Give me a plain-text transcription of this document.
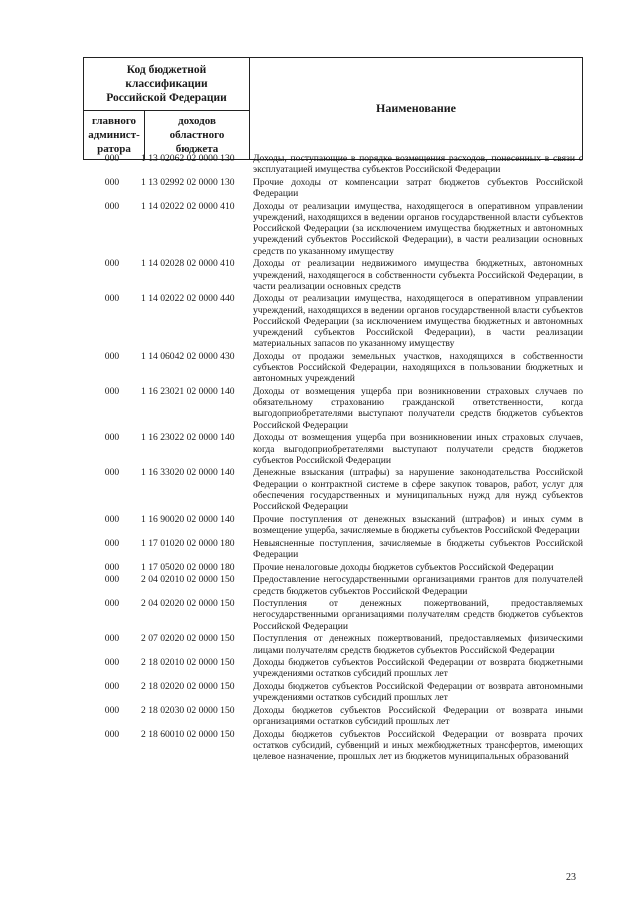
Код бюджетной
классификации
Российской Федерации
главного
админист-
ратора
доходов
областного
бюджета
Наименование
000	1 13 02062 02 0000 130	Доходы, поступающие в порядке возмещения расходов, понесенных в связи с эксплуатацией имущества субъектов Российской Федерации
000	1 13 02992 02 0000 130	Прочие доходы от компенсации затрат бюджетов субъектов Российской Федерации
000	1 14 02022 02 0000 410	Доходы от реализации имущества, находящегося в оперативном управлении учреждений, находящихся в ведении органов государственной власти субъектов Российской Федерации (за исключением имущества бюджетных и автономных учреждений субъектов Российской Федерации), в части реализации основных средств по указанному имуществу
000	1 14 02028 02 0000 410	Доходы от реализации недвижимого имущества бюджетных, автономных учреждений, находящегося в собственности субъекта Российской Федерации, в части реализации основных средств
000	1 14 02022 02 0000 440	Доходы от реализации имущества, находящегося в оперативном управлении учреждений, находящихся в ведении органов государственной власти субъектов Российской Федерации (за исключением имущества бюджетных и автономных учреждений субъектов Российской Федерации), в части реализации материальных запасов по указанному имуществу
000	1 14 06042 02 0000 430	Доходы от продажи земельных участков, находящихся в собственности субъектов Российской Федерации, находящихся в пользовании бюджетных и автономных учреждений
000	1 16 23021 02 0000 140	Доходы от возмещения ущерба при возникновении страховых случаев по обязательному страхованию гражданской ответственности, когда выгодоприобретателями выступают получатели средств бюджетов субъектов Российской Федерации
000	1 16 23022 02 0000 140	Доходы от возмещения ущерба при возникновении иных страховых случаев, когда выгодоприобретателями выступают получатели средств бюджетов субъектов Российской Федерации
000	1 16 33020 02 0000 140	Денежные взыскания (штрафы) за нарушение законодательства Российской Федерации о контрактной системе в сфере закупок товаров, работ, услуг для обеспечения государственных и муниципальных нужд для нужд субъектов Российской Федерации
000	1 16 90020 02 0000 140	Прочие поступления от денежных взысканий (штрафов) и иных сумм в возмещение ущерба, зачисляемые в бюджеты субъектов Российской Федерации
000	1 17 01020 02 0000 180	Невыясненные поступления, зачисляемые в бюджеты субъектов Российской Федерации
000	1 17 05020 02 0000 180	Прочие неналоговые доходы бюджетов субъектов Российской Федерации
000	2 04 02010 02 0000 150	Предоставление негосударственными организациями грантов для получателей средств бюджетов субъектов Российской Федерации
000	2 04 02020 02 0000 150	Поступления от денежных пожертвований, предоставляемых негосударственными организациями получателям средств бюджетов субъектов Российской Федерации
000	2 07 02020 02 0000 150	Поступления от денежных пожертвований, предоставляемых физическими лицами получателям средств бюджетов субъектов Российской Федерации
000	2 18 02010 02 0000 150	Доходы бюджетов субъектов Российской Федерации от возврата бюджетными учреждениями остатков субсидий прошлых лет
000	2 18 02020 02 0000 150	Доходы бюджетов субъектов Российской Федерации от возврата автономными учреждениями остатков субсидий прошлых лет
000	2 18 02030 02 0000 150	Доходы бюджетов субъектов Российской Федерации от возврата иными организациями остатков субсидий прошлых лет
000	2 18 60010 02 0000 150	Доходы бюджетов субъектов Российской Федерации от возврата прочих остатков субсидий, субвенций и иных межбюджетных трансфертов, имеющих целевое назначение, прошлых лет из бюджетов муниципальных образований
23
